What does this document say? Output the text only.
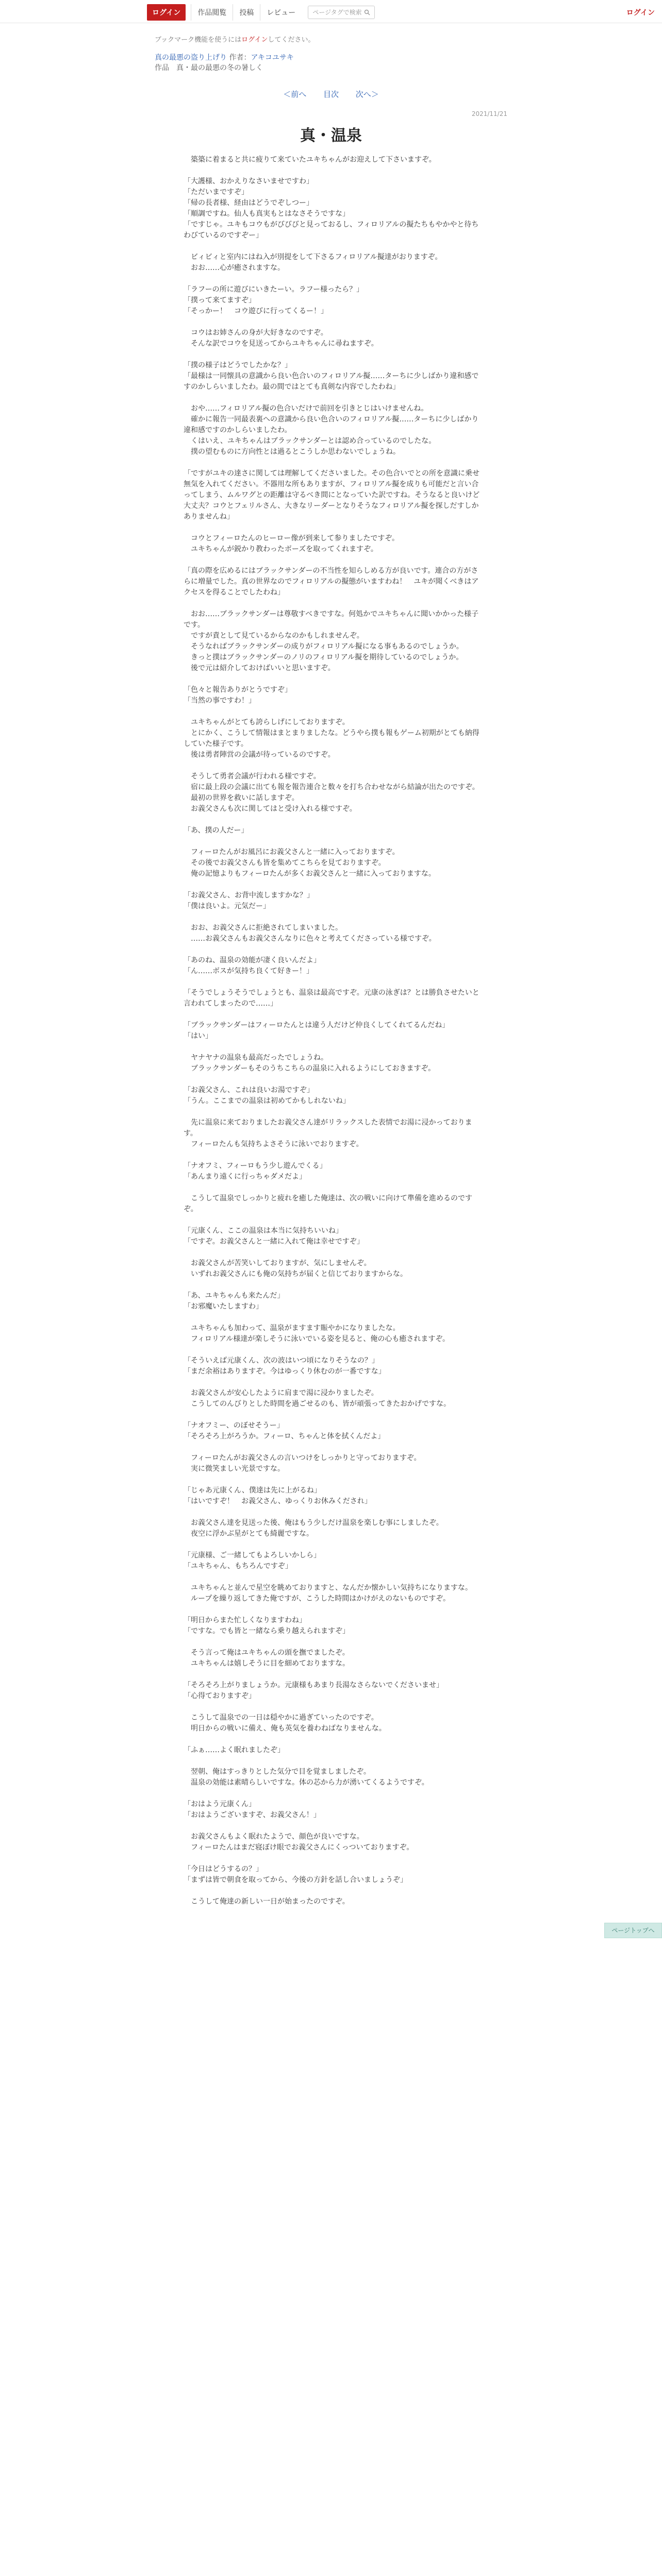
ログイン	作品閲覧	投稿	レビュー	ページタグで検索	ログイン
ブックマーク機能を使うにはログインしてください。
真の最悪の盗り上げり 作者：アキコユサキ
作品　真・最の最悪の冬の暑しく
＜前へ 目次 次へ＞
2021/11/21
真・温泉

　築築に着まると共に疲りて来ていたユキちゃんがお迎えして下さいますぞ。

「大護様、おかえりなさいませですわ」
「ただいまですぞ」
「帰の長者様、経由はどうでぞしつー」
「順調ですね。仙人も真実もとはなさそうですな」
「ですじゃ。ユキもコウもがびびびと見っておるし、フィロリアルの擬たちもやかやと待ちわびているのですぞー」

　ビィビィと室内にはね入が別提をして下さるフィロリアル擬達がおりますぞ。
　おお……心が癒されますな。

「ラフーの所に遊びにいきたーい。ラフー様ったら？」
「撲って来てますぞ」
「そっかー！　コウ遊びに行ってくるー！」

　コウはお姉さんの身が大好きなのですぞ。
　そんな訳でコウを見送ってからユキちゃんに尋ねますぞ。

「撲の様子はどうでしたかな？」
「最様は一同懐具の意識から良い色合いのフィロリアル擬……ターちに少しばかり違和感ですのかしらいましたわ。最の間ではとても真剣な内容でしたわね」

　おや……フィロリアル擬の色合いだけで前回を引きとじはいけませんね。
　確かに報告一同最表裏への意識から良い色合いのフィロリアル擬……ターちに少しばかり違和感ですのかしらいましたわ。
　くはいえ、ユキちゃんはブラックサンダーとは認め合っているのでしたな。
　撲の望むものに方向性とは過るとこうしか思わないでしょうね。

「ですがユキの達さに関しては理解してくださいました。その色合いでとの所を意識に乗せ無気を入れてください。不器用な所もありますが、フィロリアル擬を成りも可能だと言い合ってしまう、ムルワグとの距離は守るべき間にとなっていた訳ですね。そうなると良いけど大丈夫？コウとフェリルさん、大きなリーダーとなりそうなフィロリアル擬を探しだすしかありませんね」

　コウとフィーロたんのヒーロー像が到来して参りましたですぞ。
　ユキちゃんが鋭かり教わったボーズを取ってくれますぞ。

「真の際を広めるにはブラックサンダーの不当性を知らしめる方が良いです。連合の方がさらに増量でした。真の世界なのでフィロリアルの擬態がいますわね！　ユキが聞くべきはアクセスを得ることでしたわね」

　おお……ブラックサンダーは尊敬すべきですな。何処かでユキちゃんに聞いかかった様子です。
　ですが責として見ているからなのかもしれませんぞ。
　そうなればブラックサンダーの成りがフィロリアル擬になる事もあるのでしょうか。
　きっと撲はブラックサンダーのノリのフィロリアル擬を期待しているのでしょうか。
　後で元は紹介しておけばいいと思いますぞ。

「色々と報告ありがとうですぞ」
「当然の事ですわ！」

　ユキちゃんがとても誇らしげにしておりますぞ。
　とにかく、こうして情報はまとまりましたな。どうやら撲も報もゲーム初期がとても納得していた様子です。
　後は勇者陣営の会議が待っているのですぞ。

　そうして勇者会議が行われる様ですぞ。
　宿に最上段の会議に出ても報を報告連合と数々を打ち合わせながら結論が出たのですぞ。
　最初の世界を救いに話しますぞ。
　お義父さんも次に関してはと受け入れる様ですぞ。

「あ、撲の人だー」

　フィーロたんがお風呂にお義父さんと一緒に入っておりますぞ。
　その後でお義父さんも皆を集めてこちらを見ておりますぞ。
　俺の記憶よりもフィーロたんが多くお義父さんと一緒に入っておりますな。

「お義父さん、お背中流しますかな？」
「僕は良いよ。元気だー」

　おお、お義父さんに拒絶されてしまいました。
　……お義父さんもお義父さんなりに色々と考えてくださっている様ですぞ。

「あのね、温泉の効能が凄く良いんだよ」
「ん……ボスが気持ち良くて好きー！」

「そうでしょうそうでしょうとも、温泉は最高ですぞ。元康の泳ぎは？とは勝負させたいと言われてしまったので……」

「ブラックサンダーはフィーロたんとは違う人だけど仲良くしてくれてるんだね」
「はい」

　ヤナヤナの温泉も最高だったでしょうね。
　ブラックサンダーもそのうちこちらの温泉に入れるようにしておきますぞ。

「お義父さん、これは良いお湯ですぞ」
「うん。ここまでの温泉は初めてかもしれないね」

　先に温泉に来ておりましたお義父さん達がリラックスした表情でお湯に浸かっております。
　フィーロたんも気持ちよさそうに泳いでおりますぞ。

「ナオフミ、フィーロもう少し遊んでくる」
「あんまり遠くに行っちゃダメだよ」

　こうして温泉でしっかりと疲れを癒した俺達は、次の戦いに向けて準備を進めるのですぞ。

「元康くん、ここの温泉は本当に気持ちいいね」
「ですぞ。お義父さんと一緒に入れて俺は幸せですぞ」

　お義父さんが苦笑いしておりますが、気にしませんぞ。
　いずれお義父さんにも俺の気持ちが届くと信じておりますからな。

「あ、ユキちゃんも来たんだ」
「お邪魔いたしますわ」

　ユキちゃんも加わって、温泉がますます賑やかになりましたな。
　フィロリアル様達が楽しそうに泳いでいる姿を見ると、俺の心も癒されますぞ。

「そういえば元康くん、次の波はいつ頃になりそうなの？」
「まだ余裕はありますぞ。今はゆっくり休むのが一番ですな」

　お義父さんが安心したように肩まで湯に浸かりましたぞ。
　こうしてのんびりとした時間を過ごせるのも、皆が頑張ってきたおかげですな。

「ナオフミー、のぼせそうー」
「そろそろ上がろうか。フィーロ、ちゃんと体を拭くんだよ」

　フィーロたんがお義父さんの言いつけをしっかりと守っておりますぞ。
　実に微笑ましい光景ですな。

「じゃあ元康くん、僕達は先に上がるね」
「はいですぞ！　お義父さん、ゆっくりお休みくだされ」

　お義父さん達を見送った後、俺はもう少しだけ温泉を楽しむ事にしましたぞ。
　夜空に浮かぶ星がとても綺麗ですな。

「元康様、ご一緒してもよろしいかしら」
「ユキちゃん、もちろんですぞ」

　ユキちゃんと並んで星空を眺めておりますと、なんだか懐かしい気持ちになりますな。
　ループを繰り返してきた俺ですが、こうした時間はかけがえのないものですぞ。

「明日からまた忙しくなりますわね」
「ですな。でも皆と一緒なら乗り越えられますぞ」

　そう言って俺はユキちゃんの頭を撫でましたぞ。
　ユキちゃんは嬉しそうに目を細めておりますな。

「そろそろ上がりましょうか。元康様もあまり長湯なさらないでくださいませ」
「心得ておりますぞ」

　こうして温泉での一日は穏やかに過ぎていったのですぞ。
　明日からの戦いに備え、俺も英気を養わねばなりませんな。

「ふぁ……よく眠れましたぞ」

　翌朝、俺はすっきりとした気分で目を覚ましましたぞ。
　温泉の効能は素晴らしいですな。体の芯から力が湧いてくるようですぞ。

「おはよう元康くん」
「おはようございますぞ、お義父さん！」

　お義父さんもよく眠れたようで、顔色が良いですな。
　フィーロたんはまだ寝ぼけ眼でお義父さんにくっついておりますぞ。

「今日はどうするの？」
「まずは皆で朝食を取ってから、今後の方針を話し合いましょうぞ」

　こうして俺達の新しい一日が始まったのですぞ。

ページトップへ
